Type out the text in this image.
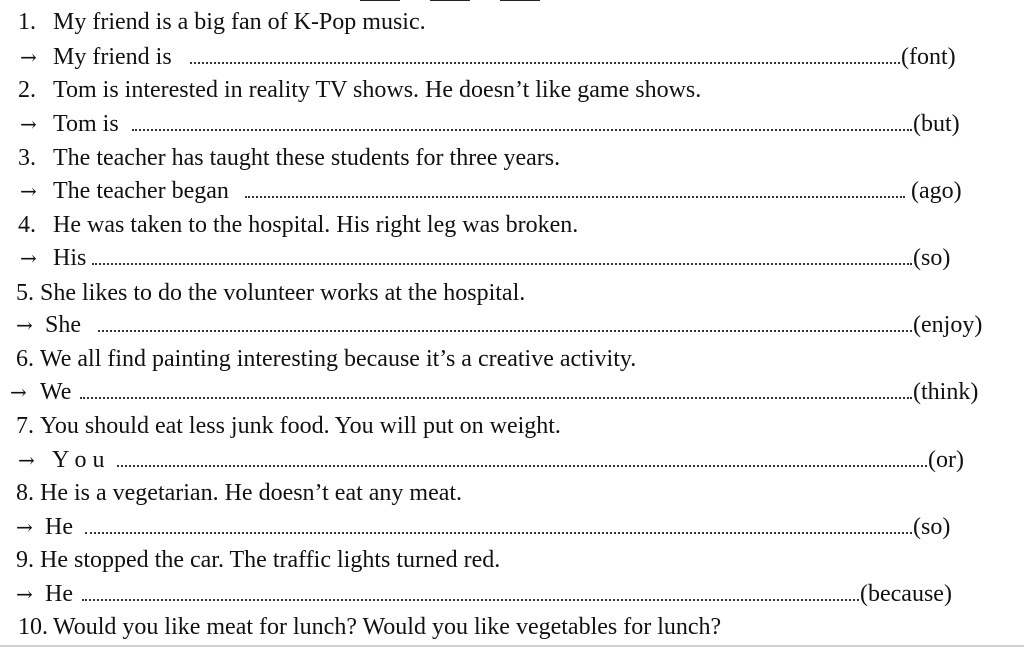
1. My friend is a big fan of K-Pop music.
→ My friend is	(font)
2. Tom is interested in reality TV shows. He doesn’t like game shows.
→ Tom is	(but)
3. The teacher has taught these students for three years.
→ The teacher began	(ago)
4. He was taken to the hospital. His right leg was broken.
→ His	(so)
5. She likes to do the volunteer works at the hospital.
→ She	(enjoy)
6. We all find painting interesting because it’s a creative activity.
→ We	(think)
7. You should eat less junk food. You will put on weight.
→ Y o u	(or)
8. He is a vegetarian. He doesn’t eat any meat.
→ He	(so)
9. He stopped the car. The traffic lights turned red.
→ He	(because)
10. Would you like meat for lunch? Would you like vegetables for lunch?
